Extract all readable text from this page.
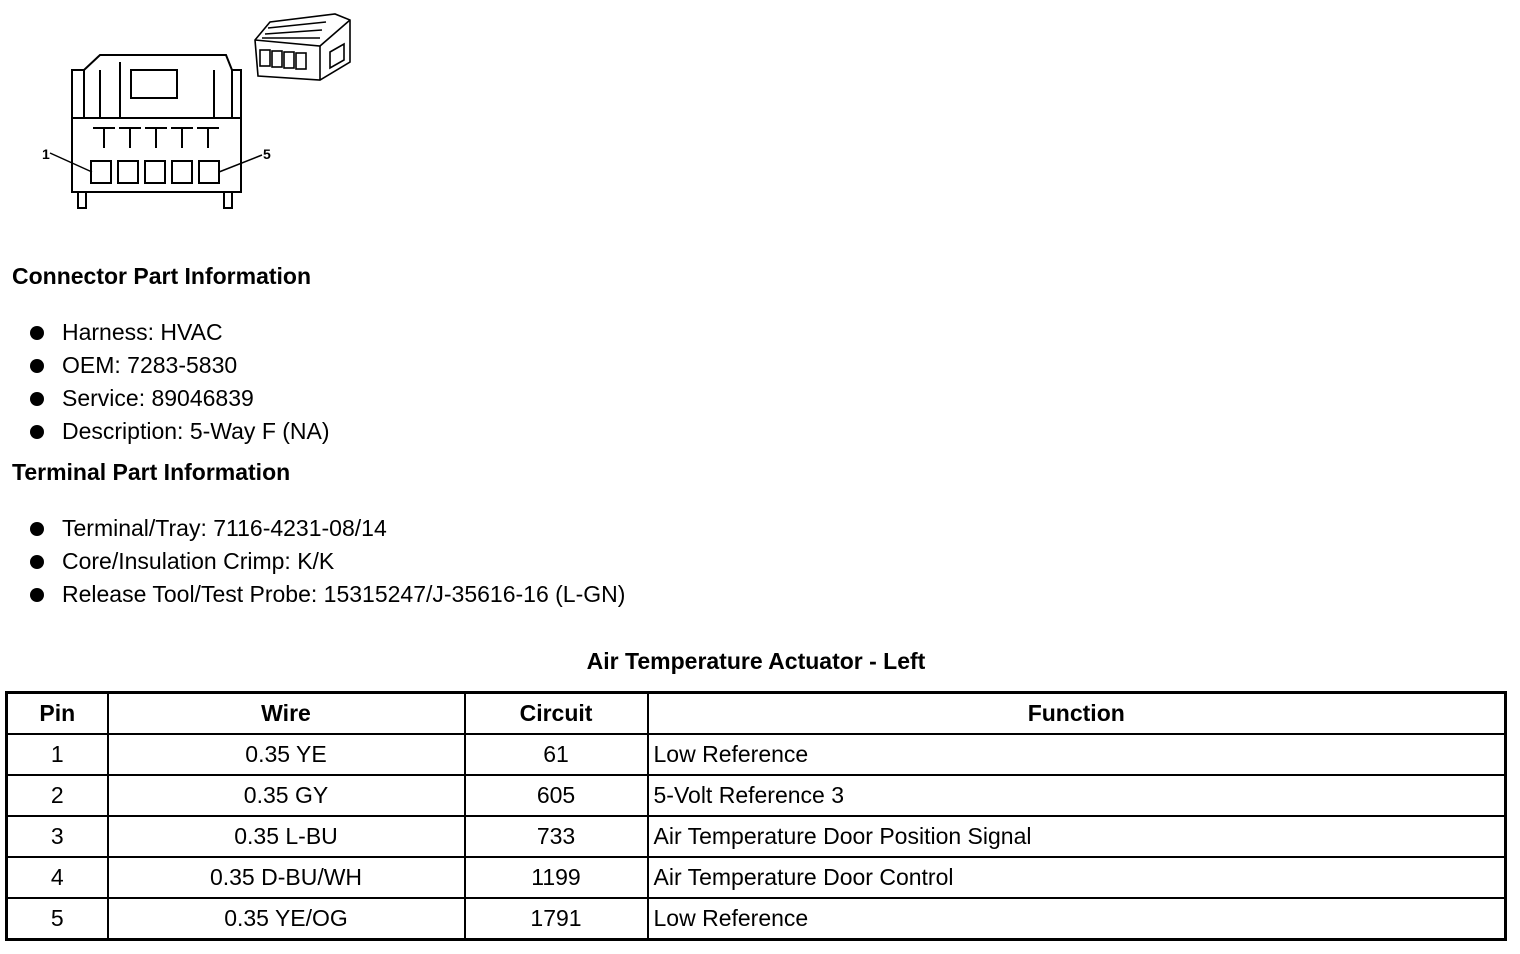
1	5
Connector Part Information
Harness: HVAC
OEM: 7283-5830
Service: 89046839
Description: 5-Way F (NA)
Terminal Part Information
Terminal/Tray: 7116-4231-08/14
Core/Insulation Crimp: K/K
Release Tool/Test Probe: 15315247/J-35616-16 (L-GN)
Air Temperature Actuator - Left
Pin	Wire	Circuit	Function
1	0.35 YE	61	Low Reference
2	0.35 GY	605	5-Volt Reference 3
3	0.35 L-BU	733	Air Temperature Door Position Signal
4	0.35 D-BU/WH	1199	Air Temperature Door Control
5	0.35 YE/OG	1791	Low Reference
